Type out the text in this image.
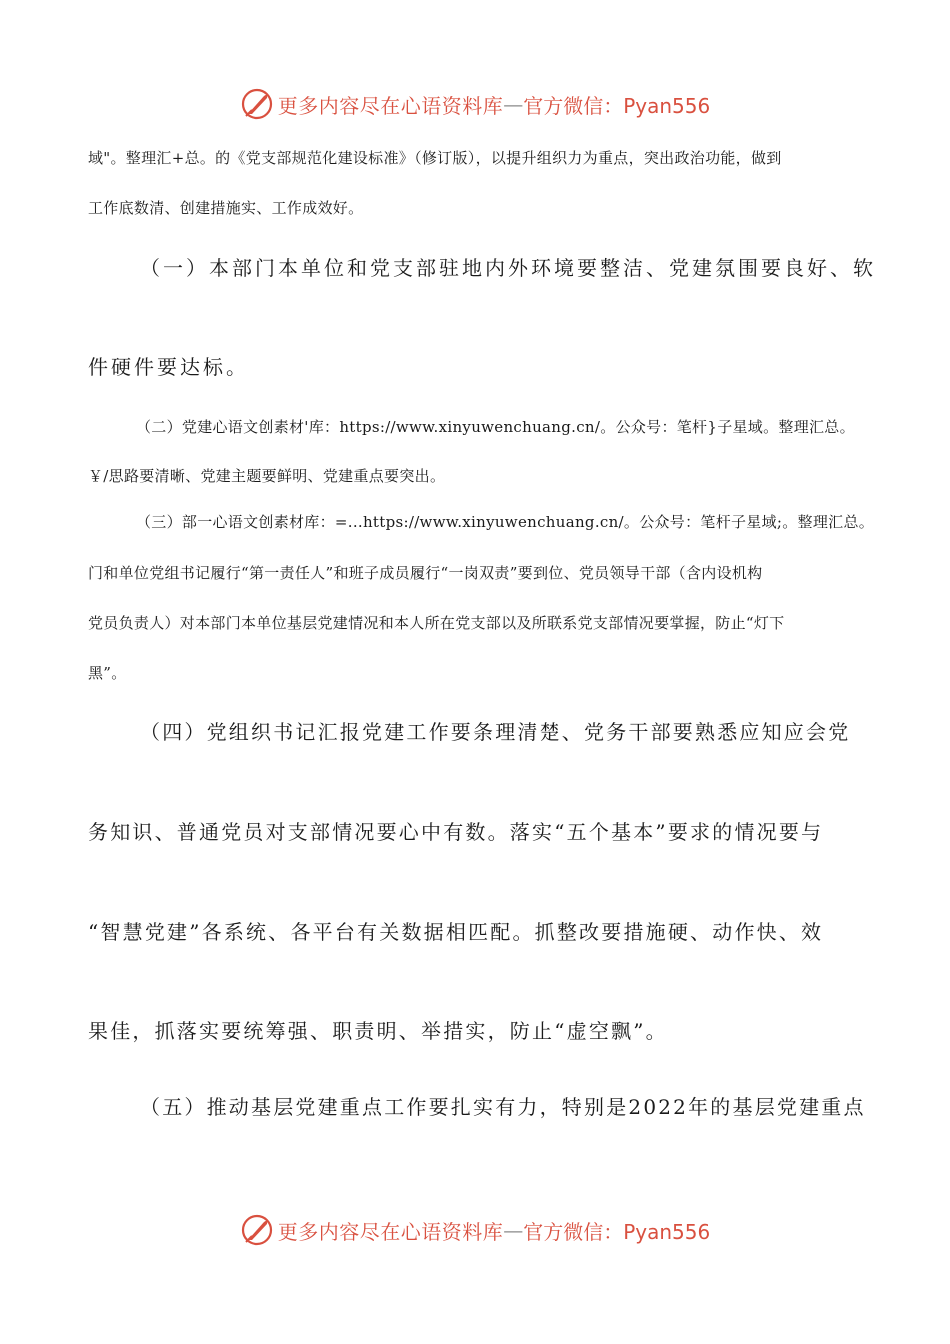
更多内容尽在心语资料库 — 官方微信：Pyan556
域"。整理汇+总。的《党支部规范化建设标准》（修订版），以提升组织力为重点，突出政治功能，做到
工作底数清、创建措施实、工作成效好。
（一）本部门本单位和党支部驻地内外环境要整洁、党建氛围要良好、软
件硬件要达标。
（二）党建心语文创素材'库：https://www.xinyuwenchuang.cn/。公众号：笔杆}子星域。整理汇总。
￥/思路要清晰、党建主题要鲜明、党建重点要突出。
（三）部一心语文创素材库：=...https://www.xinyuwenchuang.cn/。公众号：笔杆子星域;。整理汇总。
门和单位党组书记履行“第一责任人”和班子成员履行“一岗双责”要到位、党员领导干部（含内设机构
党员负责人）对本部门本单位基层党建情况和本人所在党支部以及所联系党支部情况要掌握，防止“灯下
黑”。
（四）党组织书记汇报党建工作要条理清楚、党务干部要熟悉应知应会党
务知识、普通党员对支部情况要心中有数。落实“五个基本”要求的情况要与
“智慧党建”各系统、各平台有关数据相匹配。抓整改要措施硬、动作快、效
果佳，抓落实要统筹强、职责明、举措实，防止“虚空飘”。
（五）推动基层党建重点工作要扎实有力，特别是2022年的基层党建重点
更多内容尽在心语资料库 — 官方微信：Pyan556
